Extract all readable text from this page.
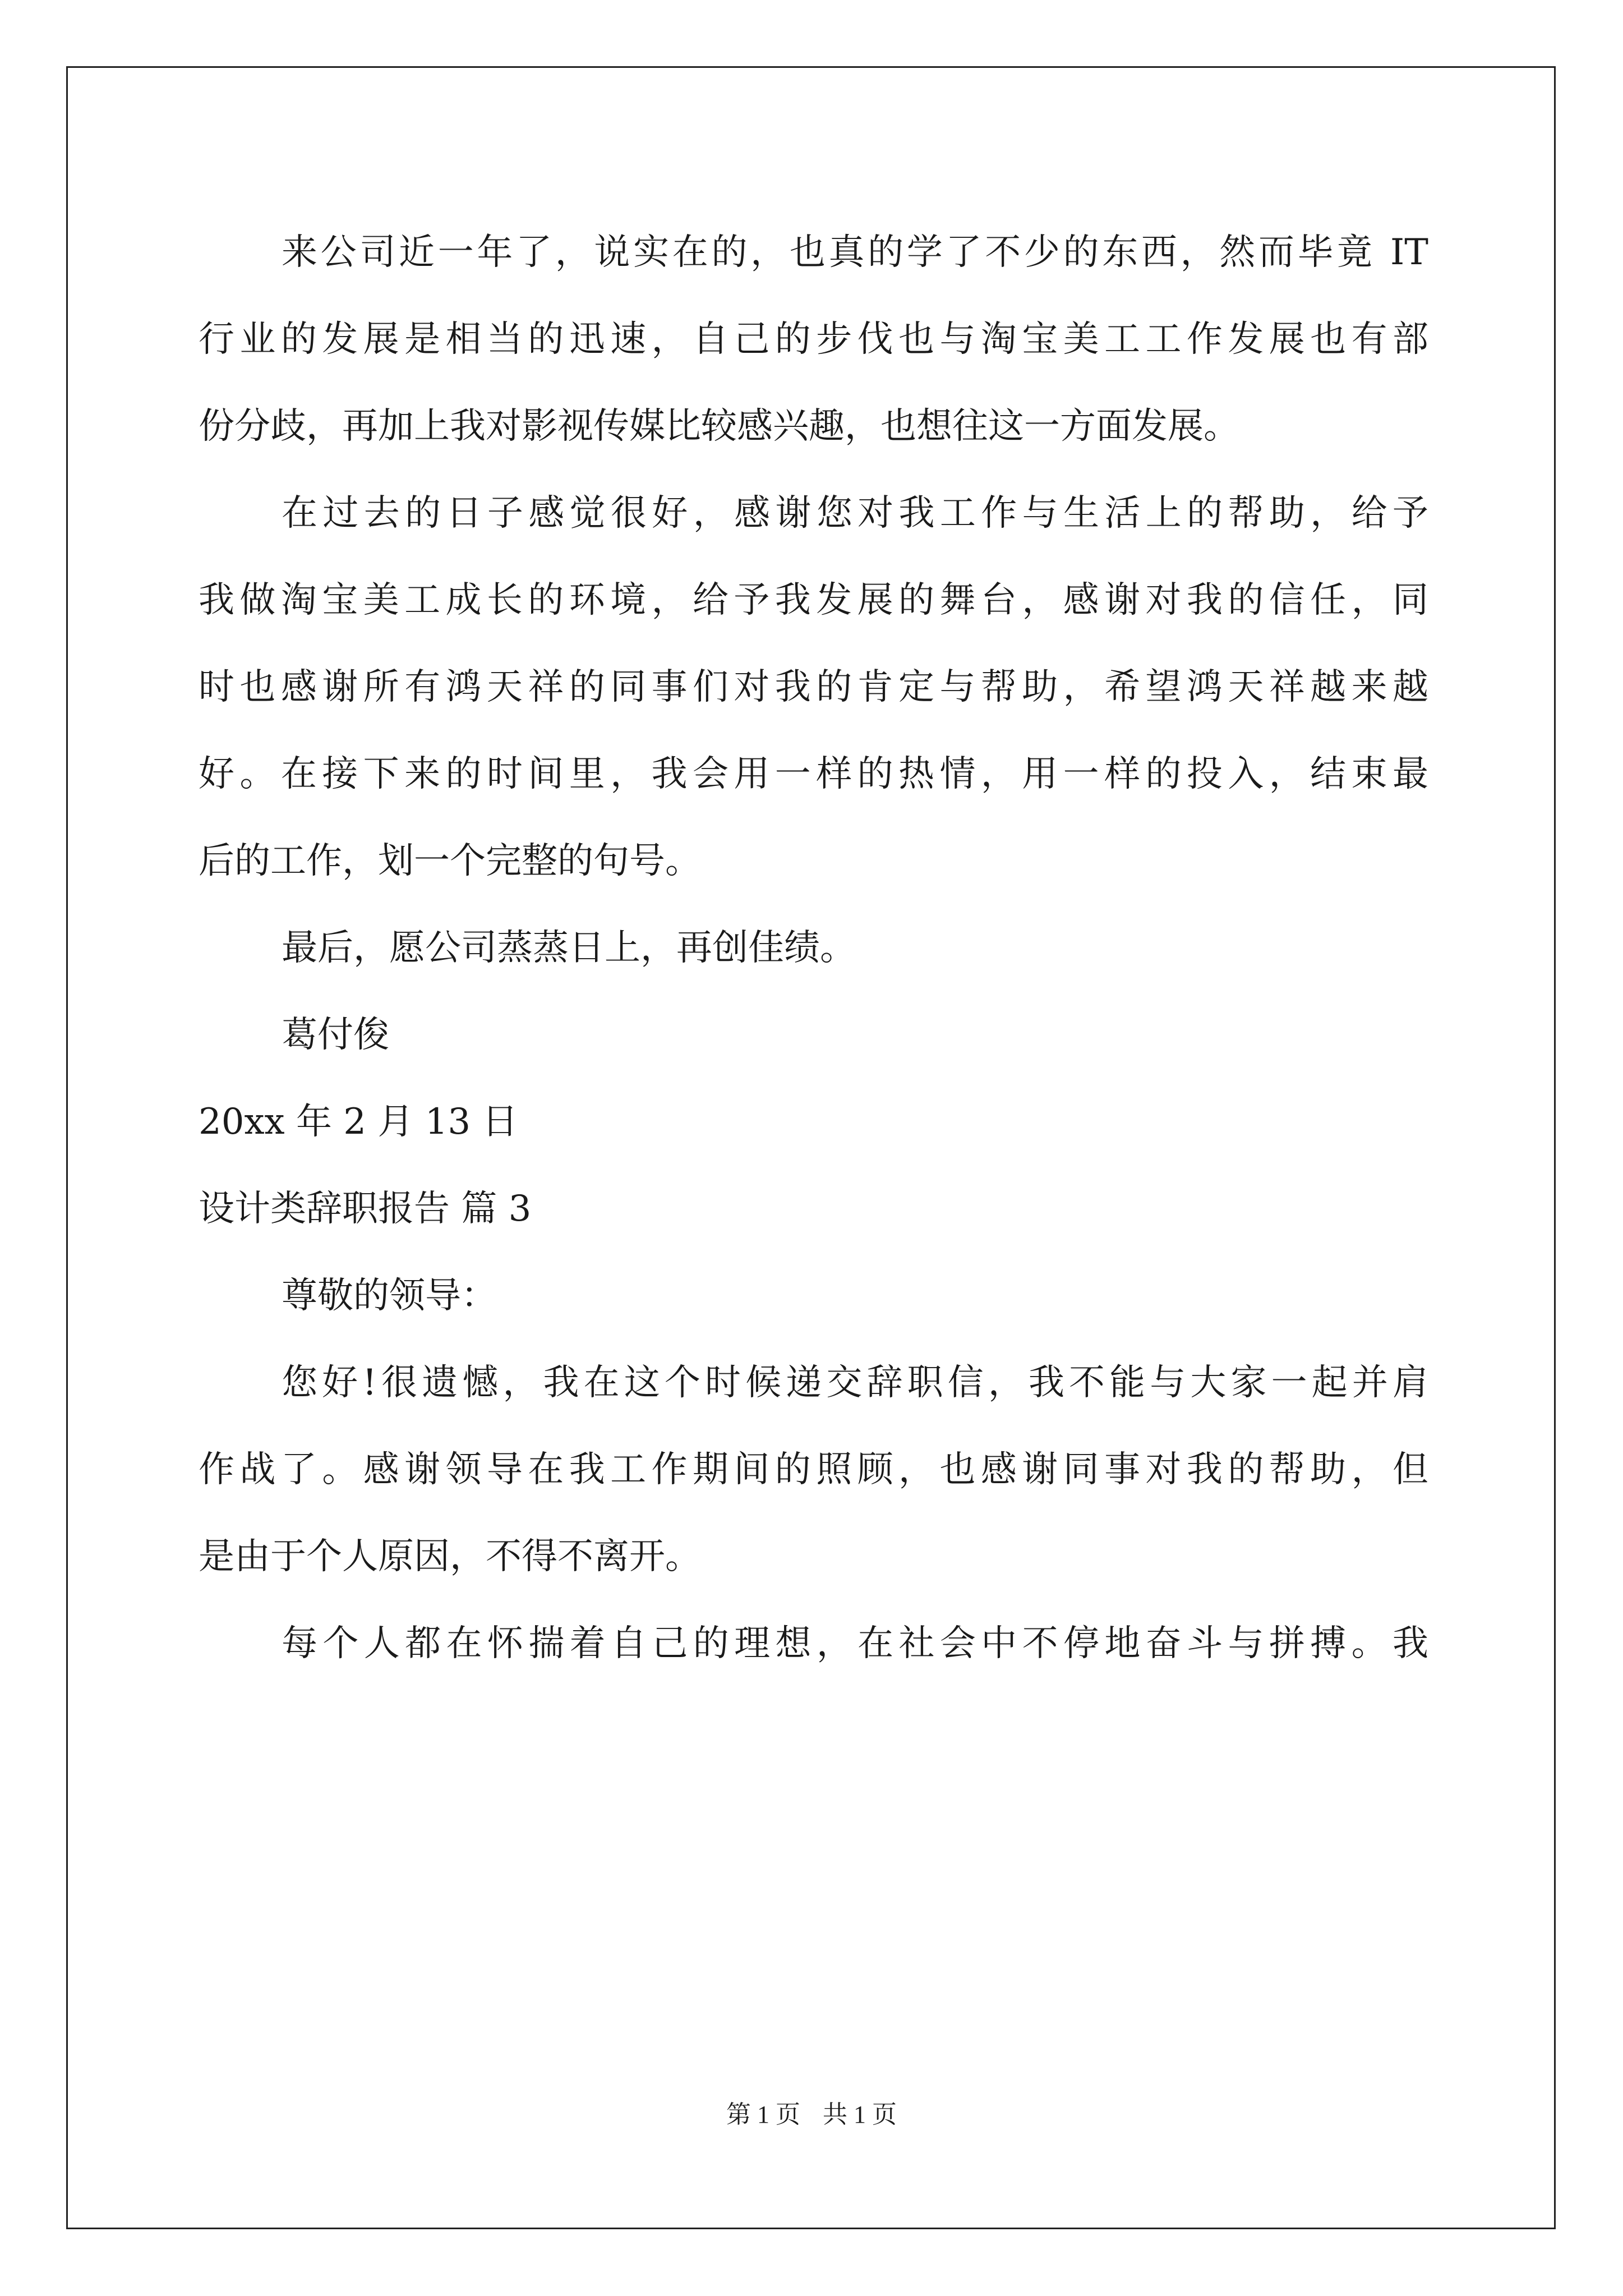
来公司近一年了，说实在的，也真的学了不少的东西，然而毕竟 IT
行业的发展是相当的迅速，自己的步伐也与淘宝美工工作发展也有部
份分歧，再加上我对影视传媒比较感兴趣，也想往这一方面发展。
在过去的日子感觉很好，感谢您对我工作与生活上的帮助，给予
我做淘宝美工成长的环境，给予我发展的舞台，感谢对我的信任，同
时也感谢所有鸿天祥的同事们对我的肯定与帮助，希望鸿天祥越来越
好。在接下来的时间里，我会用一样的热情，用一样的投入，结束最
后的工作，划一个完整的句号。
最后，愿公司蒸蒸日上，再创佳绩。
葛付俊
20xx 年 2 月 13 日
设计类辞职报告 篇 3
尊敬的领导：
您好!很遗憾，我在这个时候递交辞职信，我不能与大家一起并肩
作战了。感谢领导在我工作期间的照顾，也感谢同事对我的帮助，但
是由于个人原因，不得不离开。
每个人都在怀揣着自己的理想，在社会中不停地奋斗与拼搏。我
第 1 页 共 1 页
